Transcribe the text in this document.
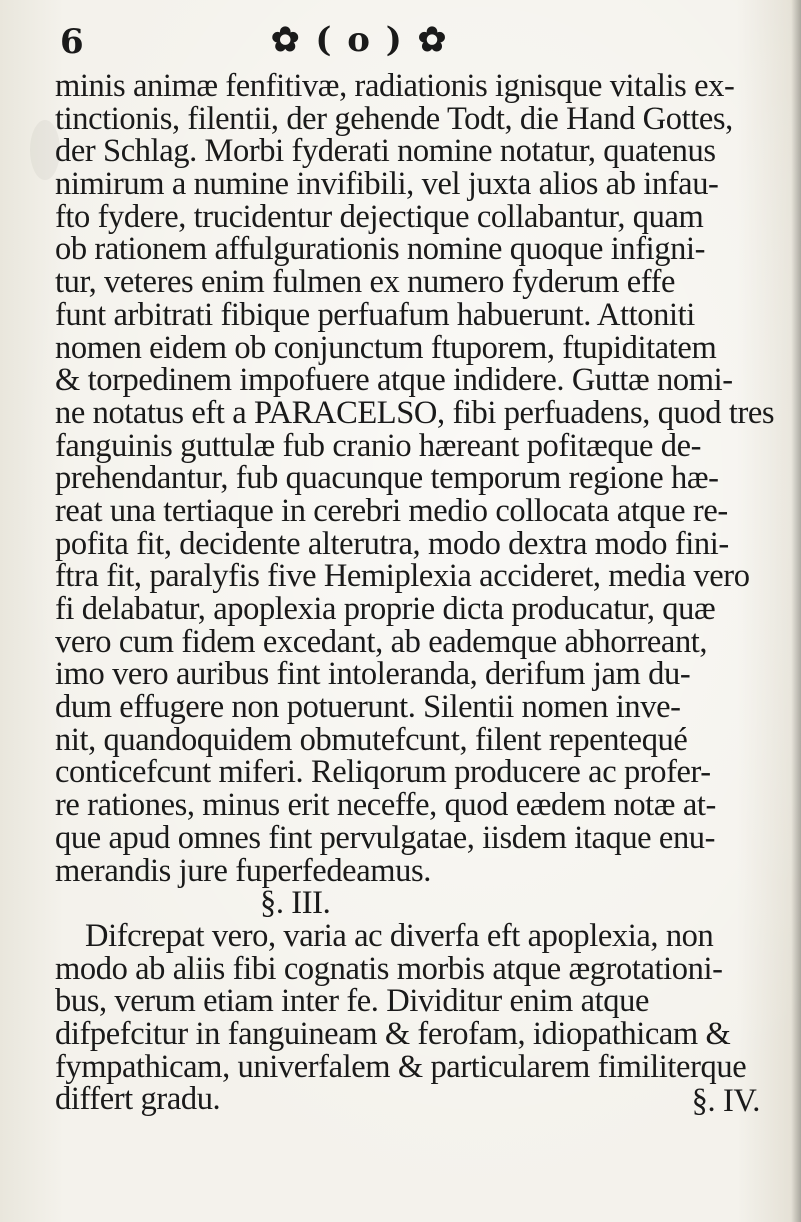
6	✿ ( o ) ✿
minis animæ fenfitivæ, radiationis ignisque vitalis ex-
tinctionis, filentii, der gehende Todt, die Hand Gottes,
der Schlag. Morbi fyderati nomine notatur, quatenus
nimirum a numine invifibili, vel juxta alios ab infau-
fto fydere, trucidentur dejectique collabantur, quam
ob rationem affulgurationis nomine quoque infigni-
tur, veteres enim fulmen ex numero fyderum effe
funt arbitrati fibique perfuafum habuerunt. Attoniti
nomen eidem ob conjunctum ftuporem, ftupiditatem
& torpedinem impofuere atque indidere. Guttæ nomi-
ne notatus eft a PARACELSO, fibi perfuadens, quod tres
fanguinis guttulæ fub cranio hæreant pofitæque de-
prehendantur, fub quacunque temporum regione hæ-
reat una tertiaque in cerebri medio collocata atque re-
pofita fit, decidente alterutra, modo dextra modo fini-
ftra fit, paralyfis five Hemiplexia accideret, media vero
fi delabatur, apoplexia proprie dicta producatur, quæ
vero cum fidem excedant, ab eademque abhorreant,
imo vero auribus fint intoleranda, derifum jam du-
dum effugere non potuerunt. Silentii nomen inve-
nit, quandoquidem obmutefcunt, filent repentequé
conticefcunt miferi. Reliqorum producere ac profer-
re rationes, minus erit neceffe, quod eædem notæ at-
que apud omnes fint pervulgatae, iisdem itaque enu-
merandis jure fuperfedeamus.
§. III.
Difcrepat vero, varia ac diverfa eft apoplexia, non
modo ab aliis fibi cognatis morbis atque ægrotationi-
bus, verum etiam inter fe. Dividitur enim atque
difpefcitur in fanguineam & ferofam, idiopathicam &
fympathicam, univerfalem & particularem fimiliterque
differt gradu.	§. IV.
